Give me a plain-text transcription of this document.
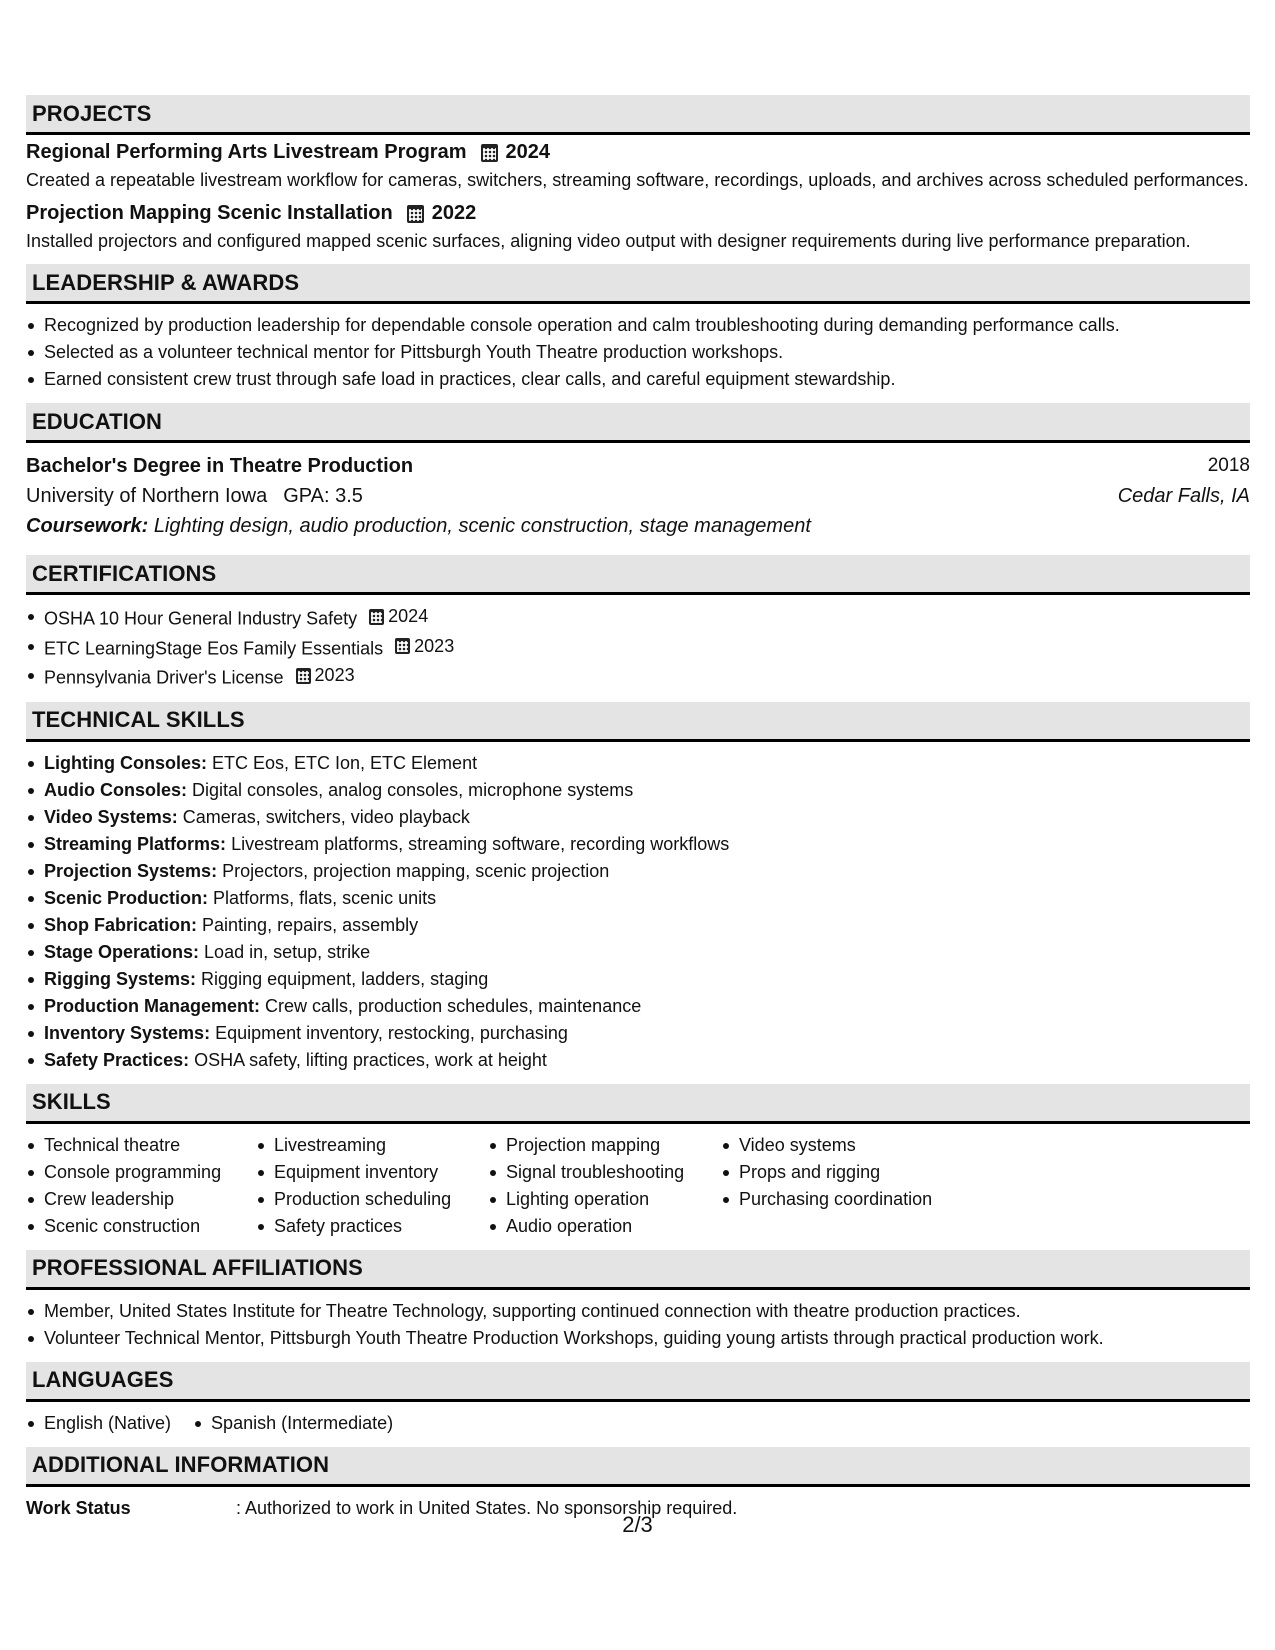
PROJECTS
Regional Performing Arts Livestream Program 2024

Created a repeatable livestream workflow for cameras, switchers, streaming software, recordings, uploads, and archives across scheduled performances.

Projection Mapping Scenic Installation 2022

Installed projectors and configured mapped scenic surfaces, aligning video output with designer requirements during live performance preparation.

LEADERSHIP & AWARDS
Recognized by production leadership for dependable console operation and calm troubleshooting during demanding performance calls.
Selected as a volunteer technical mentor for Pittsburgh Youth Theatre production workshops.
Earned consistent crew trust through safe load in practices, clear calls, and careful equipment stewardship.
EDUCATION
Bachelor's Degree in Theatre Production	2018
University of Northern Iowa GPA: 3.5	Cedar Falls, IA
Coursework: Lighting design, audio production, scenic construction, stage management
CERTIFICATIONS
OSHA 10 Hour General Industry Safety 2024
ETC LearningStage Eos Family Essentials 2023
Pennsylvania Driver's License 2023
TECHNICAL SKILLS
Lighting Consoles: ETC Eos, ETC Ion, ETC Element
Audio Consoles: Digital consoles, analog consoles, microphone systems
Video Systems: Cameras, switchers, video playback
Streaming Platforms: Livestream platforms, streaming software, recording workflows
Projection Systems: Projectors, projection mapping, scenic projection
Scenic Production: Platforms, flats, scenic units
Shop Fabrication: Painting, repairs, assembly
Stage Operations: Load in, setup, strike
Rigging Systems: Rigging equipment, ladders, staging
Production Management: Crew calls, production schedules, maintenance
Inventory Systems: Equipment inventory, restocking, purchasing
Safety Practices: OSHA safety, lifting practices, work at height
SKILLS
Technical theatre
Console programming
Crew leadership
Scenic construction
Livestreaming
Equipment inventory
Production scheduling
Safety practices
Projection mapping
Signal troubleshooting
Lighting operation
Audio operation
Video systems
Props and rigging
Purchasing coordination
PROFESSIONAL AFFILIATIONS
Member, United States Institute for Theatre Technology, supporting continued connection with theatre production practices.
Volunteer Technical Mentor, Pittsburgh Youth Theatre Production Workshops, guiding young artists through practical production work.
LANGUAGES
English (Native)	Spanish (Intermediate)
ADDITIONAL INFORMATION
Work Status	: Authorized to work in United States. No sponsorship required.
2/3
